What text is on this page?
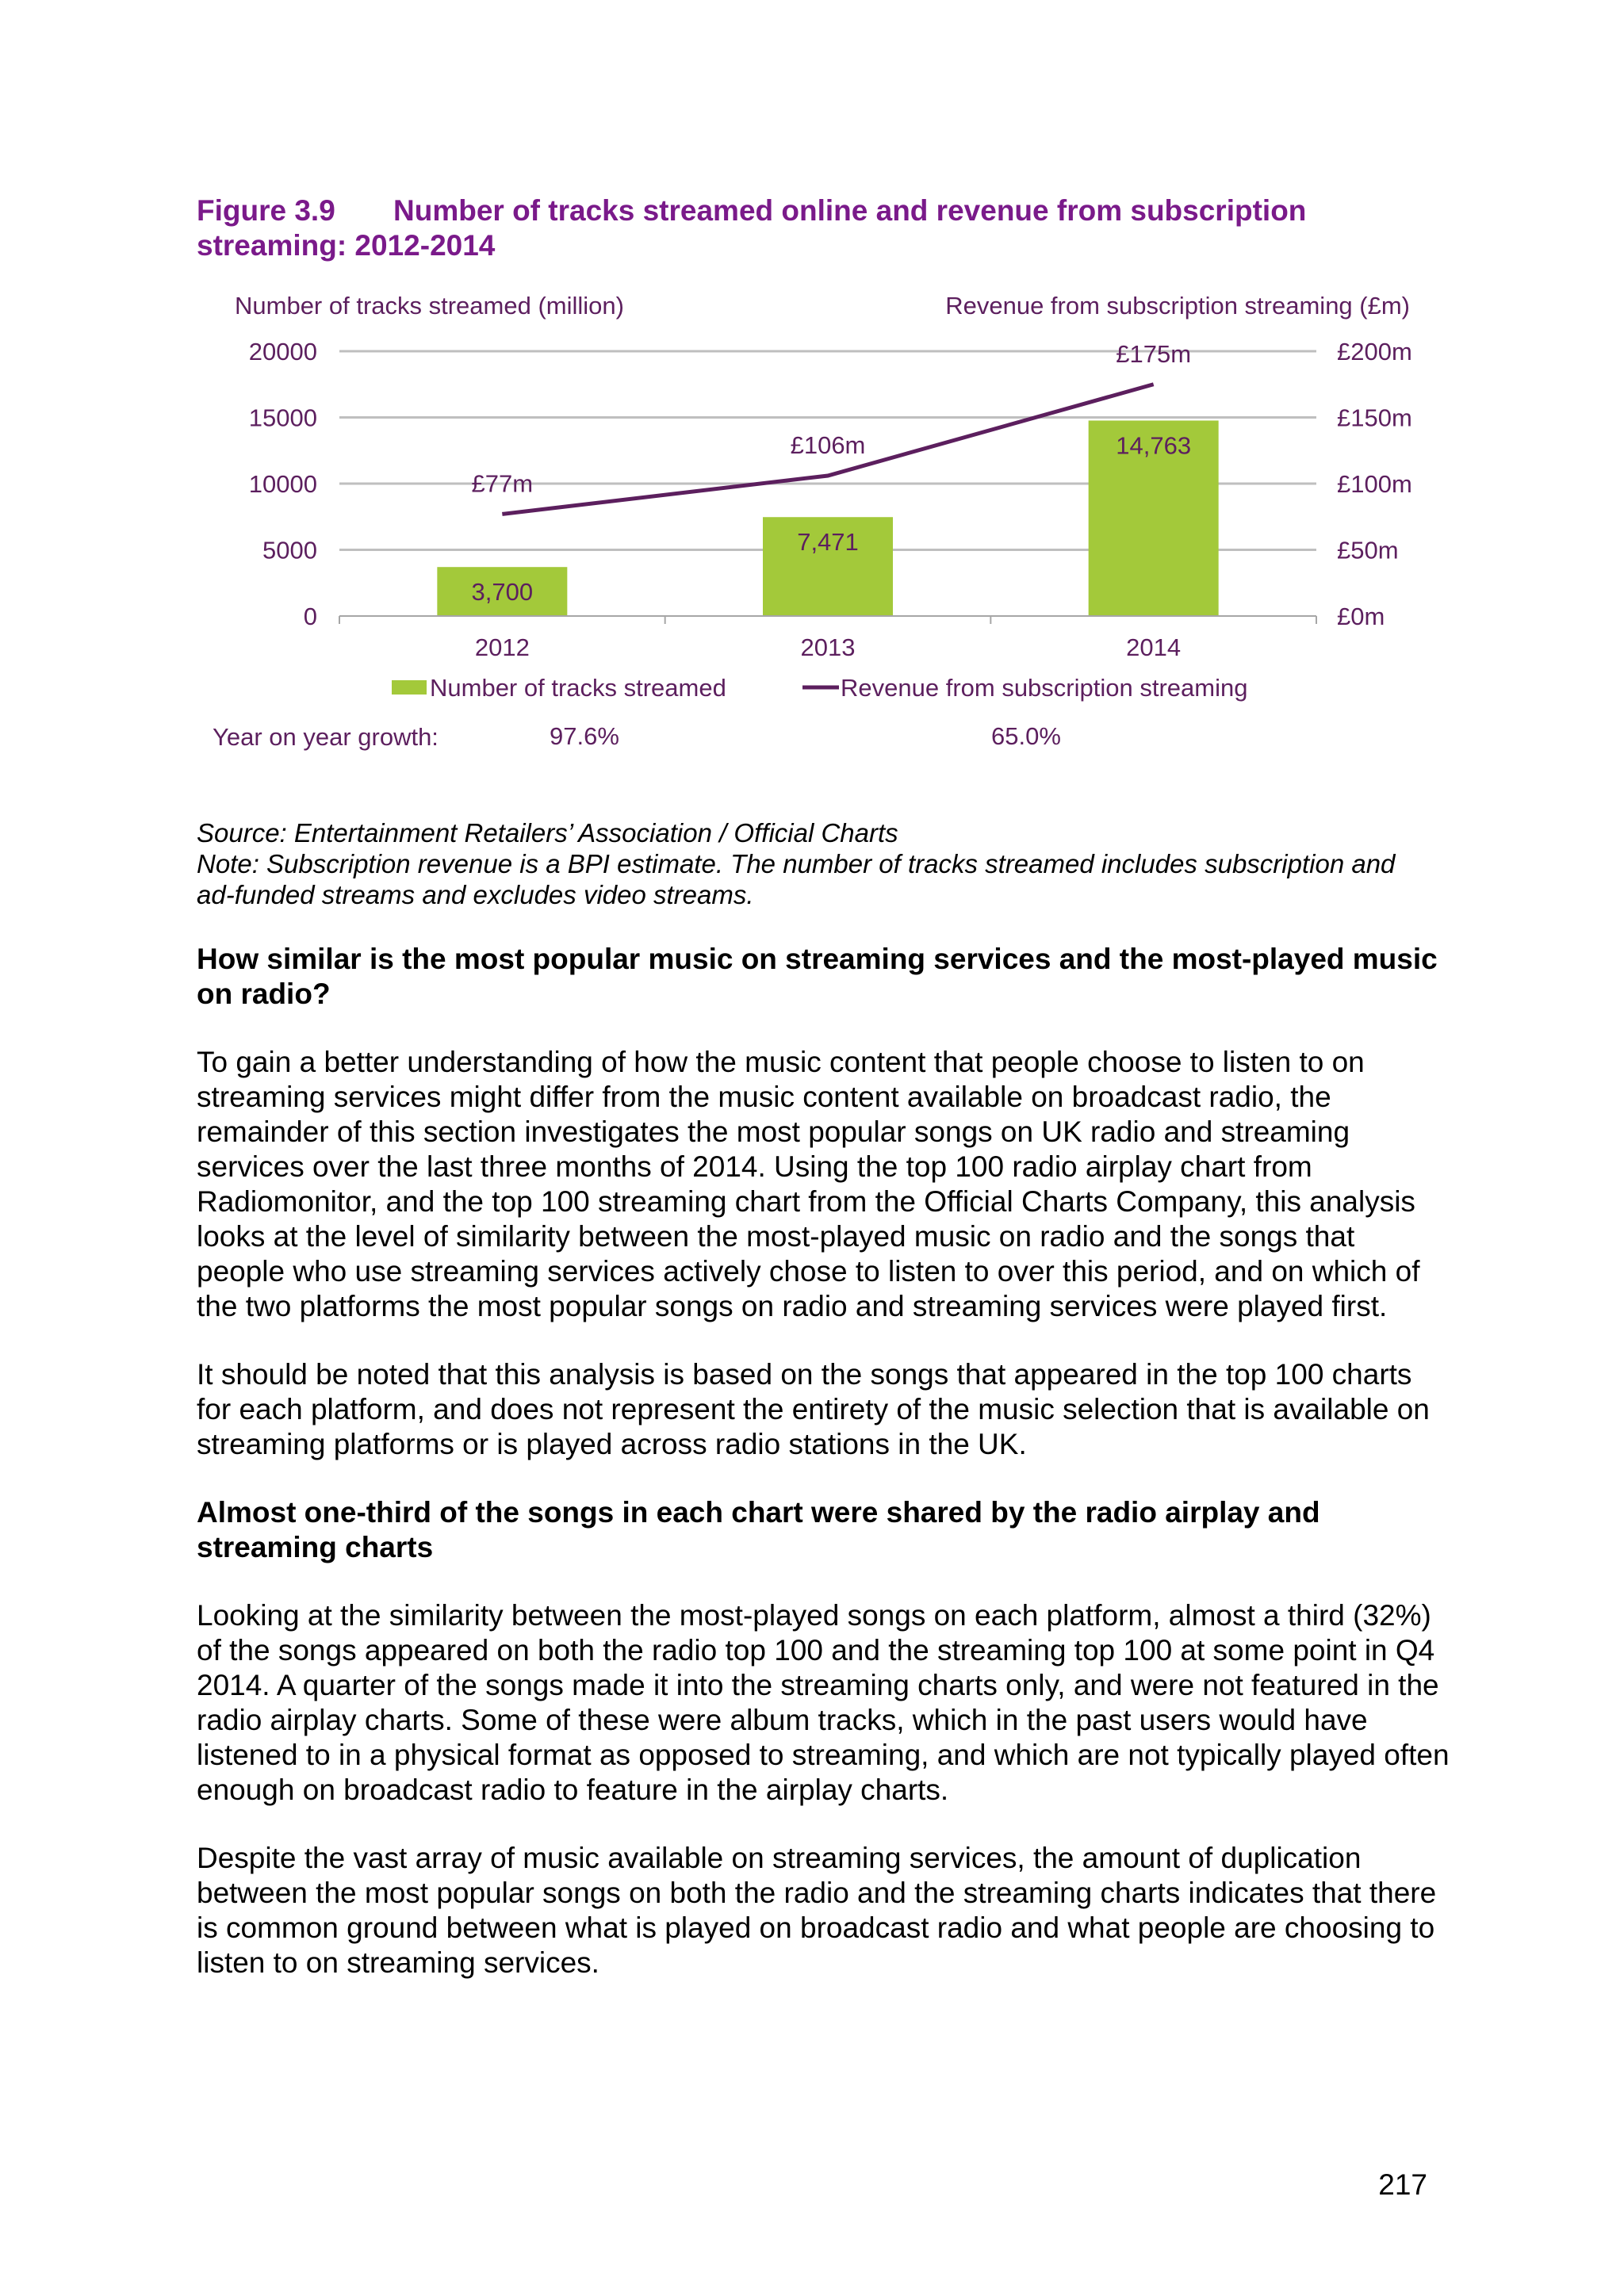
Figure 3.9 Number of tracks streamed online and revenue from subscription streaming: 2012-2014
Number of tracks streamed (million)	Revenue from subscription streaming (£m)
20000
15000
10000
5000
0
£200m
£150m
£100m
£50m
£0m
3,700
7,471
14,763
2012	2013	2014
£77m
£106m
£175m
Number of tracks streamed	Revenue from subscription streaming
Year on year growth:	97.6%	65.0%

Source: Entertainment Retailers’ Association / Official Charts

Note: Subscription revenue is a BPI estimate. The number of tracks streamed includes subscription and ad-funded streams and excludes video streams.

How similar is the most popular music on streaming services and the most-played music on radio?

To gain a better understanding of how the music content that people choose to listen to on streaming services might differ from the music content available on broadcast radio, the remainder of this section investigates the most popular songs on UK radio and streaming services over the last three months of 2014. Using the top 100 radio airplay chart from Radiomonitor, and the top 100 streaming chart from the Official Charts Company, this analysis looks at the level of similarity between the most-played music on radio and the songs that people who use streaming services actively chose to listen to over this period, and on which of the two platforms the most popular songs on radio and streaming services were played first.

It should be noted that this analysis is based on the songs that appeared in the top 100 charts for each platform, and does not represent the entirety of the music selection that is available on streaming platforms or is played across radio stations in the UK.

Almost one-third of the songs in each chart were shared by the radio airplay and streaming charts

Looking at the similarity between the most-played songs on each platform, almost a third (32%) of the songs appeared on both the radio top 100 and the streaming top 100 at some point in Q4 2014. A quarter of the songs made it into the streaming charts only, and were not featured in the radio airplay charts. Some of these were album tracks, which in the past users would have listened to in a physical format as opposed to streaming, and which are not typically played often enough on broadcast radio to feature in the airplay charts.

Despite the vast array of music available on streaming services, the amount of duplication between the most popular songs on both the radio and the streaming charts indicates that there is common ground between what is played on broadcast radio and what people are choosing to listen to on streaming services.

217
